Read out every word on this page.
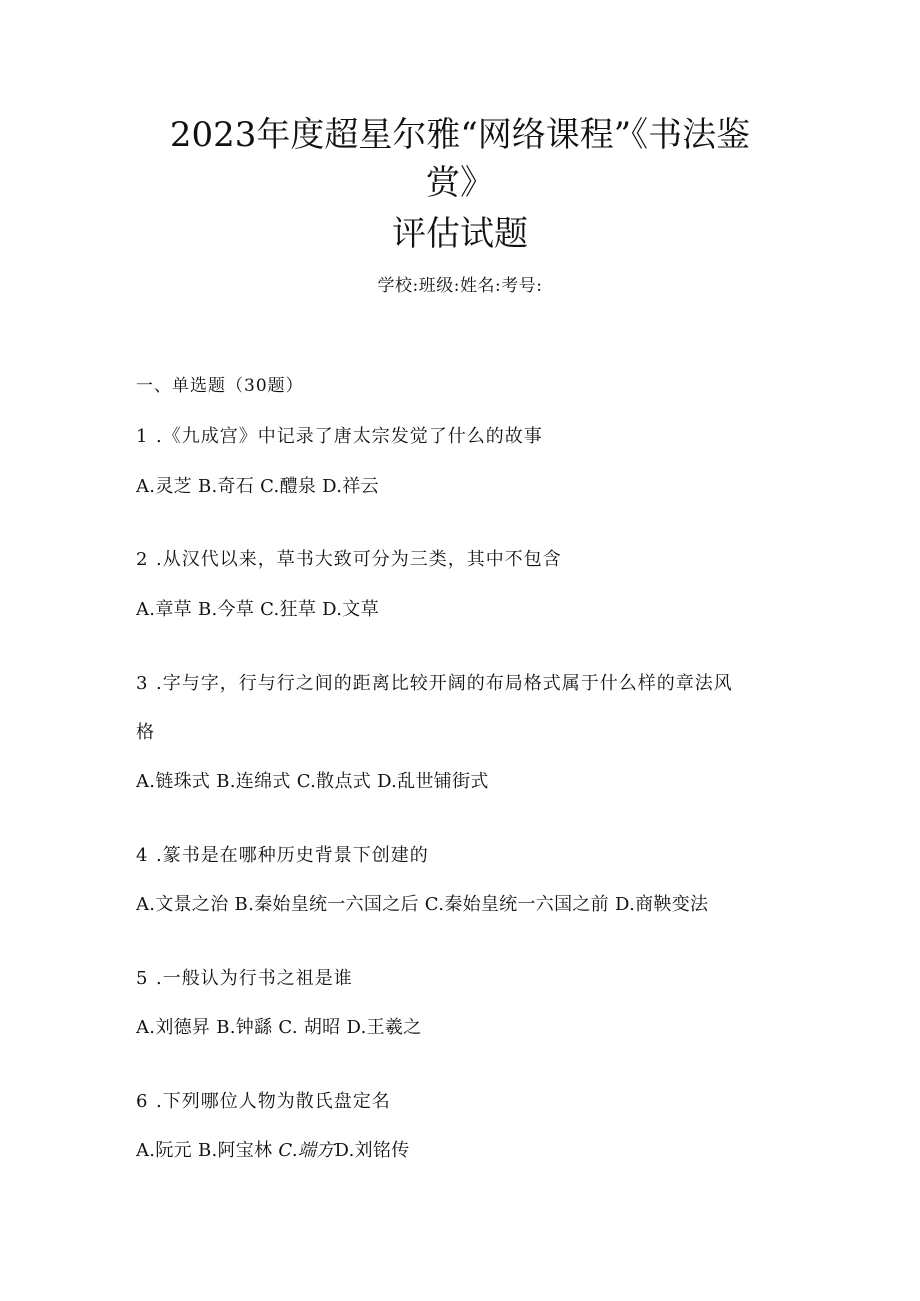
2023年度超星尔雅“网络课程”《书法鉴
赏》
评估试题
学校:班级:姓名:考号:
一、单选题（30题）
1 .《九成宫》中记录了唐太宗发觉了什么的故事
A.灵芝 B.奇石 C.醴泉 D.祥云
2 .从汉代以来，草书大致可分为三类，其中不包含
A.章草 B.今草 C.狂草 D.文草
3 .字与字，行与行之间的距离比较开阔的布局格式属于什么样的章法风
格
A.链珠式 B.连绵式 C.散点式 D.乱世铺街式
4 .篆书是在哪种历史背景下创建的
A.文景之治 B.秦始皇统一六国之后 C.秦始皇统一六国之前 D.商鞅变法
5 .一般认为行书之祖是谁
A.刘德昇 B.钟繇 C. 胡昭 D.王羲之
6 .下列哪位人物为散氏盘定名
A.阮元 B.阿宝林 C.端方D.刘铭传
